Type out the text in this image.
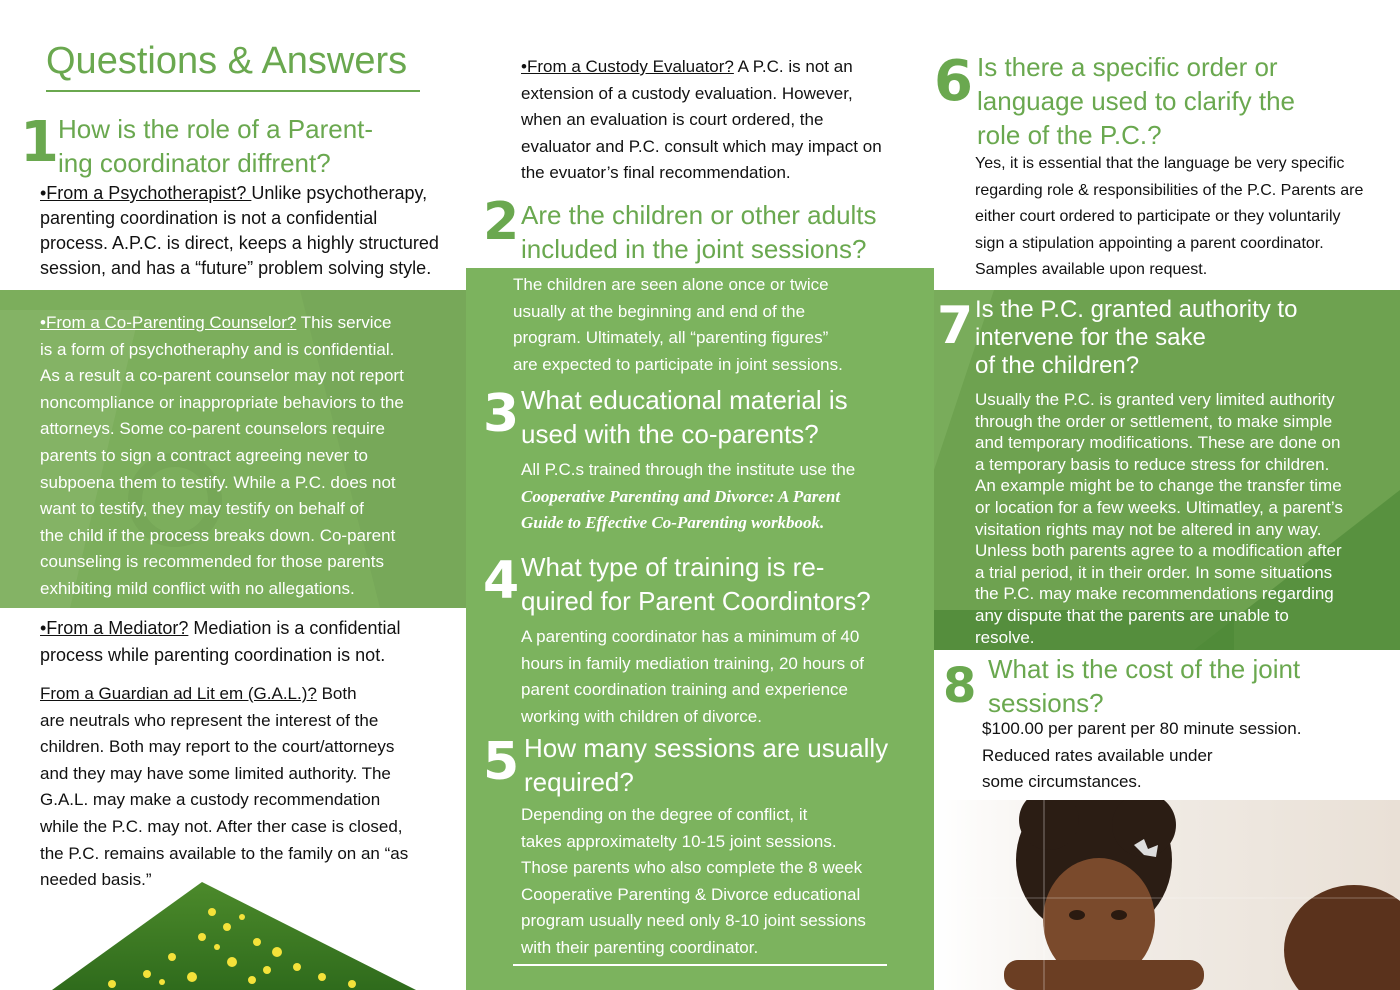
Questions & Answers
1 How is the role of a Parent-
ing coordinator diffrent?
•From a Psychotherapist? Unlike psychotherapy,
parenting coordination is not a confidential
process. A.P.C. is direct, keeps a highly structured
session, and has a “future” problem solving style.
•From a Co-Parenting Counselor? This service
is a form of psychotheraphy and is confidential.
As a result a co-parent counselor may not report
noncompliance or inappropriate behaviors to the
attorneys. Some co-parent counselors require
parents to sign a contract agreeing never to
subpoena them to testify. While a P.C. does not
want to testify, they may testify on behalf of
the child if the process breaks down. Co-parent
counseling is recommended for those parents
exhibiting mild conflict with no allegations.
•From a Mediator? Mediation is a confidential
process while parenting coordination is not.
From a Guardian ad Lit em (G.A.L.)? Both
are neutrals who represent the interest of the
children. Both may report to the court/attorneys
and they may have some limited authority. The
G.A.L. may make a custody recommendation
while the P.C. may not. After ther case is closed,
the P.C. remains available to the family on an “as
needed basis.”
•From a Custody Evaluator? A P.C. is not an
extension of a custody evaluation. However,
when an evaluation is court ordered, the
evaluator and P.C. consult which may impact on
the evuator’s final recommendation.
2 Are the children or other adults
included in the joint sessions?
The children are seen alone once or twice
usually at the beginning and end of the
program. Ultimately, all “parenting figures”
are expected to participate in joint sessions.
3 What educational material is
used with the co-parents?
All P.C.s trained through the institute use the
Cooperative Parenting and Divorce: A Parent
Guide to Effective Co-Parenting workbook.
4 What type of training is re-
quired for Parent Coordintors?
A parenting coordinator has a minimum of 40
hours in family mediation training, 20 hours of
parent coordination training and experience
working with children of divorce.
5 How many sessions are usually
required?
Depending on the degree of conflict, it
takes approximatelty 10-15 joint sessions.
Those parents who also complete the 8 week
Cooperative Parenting & Divorce educational
program usually need only 8-10 joint sessions
with their parenting coordinator.
6 Is there a specific order or
language used to clarify the
role of the P.C.?
Yes, it is essential that the language be very specific
regarding role & responsibilities of the P.C. Parents are
either court ordered to participate or they voluntarily
sign a stipulation appointing a parent coordinator.
Samples available upon request.
7 Is the P.C. granted authority to
intervene for the sake
of the children?
Usually the P.C. is granted very limited authority
through the order or settlement, to make simple
and temporary modifications. These are done on
a temporary basis to reduce stress for children.
An example might be to change the transfer time
or location for a few weeks. Ultimatley, a parent’s
visitation rights may not be altered in any way.
Unless both parents agree to a modification after
a trial period, it in their order. In some situations
the P.C. may make recommendations regarding
any dispute that the parents are unable to
resolve.
8 What is the cost of the joint
sessions?
$100.00 per parent per 80 minute session.
Reduced rates available under
some circumstances.
